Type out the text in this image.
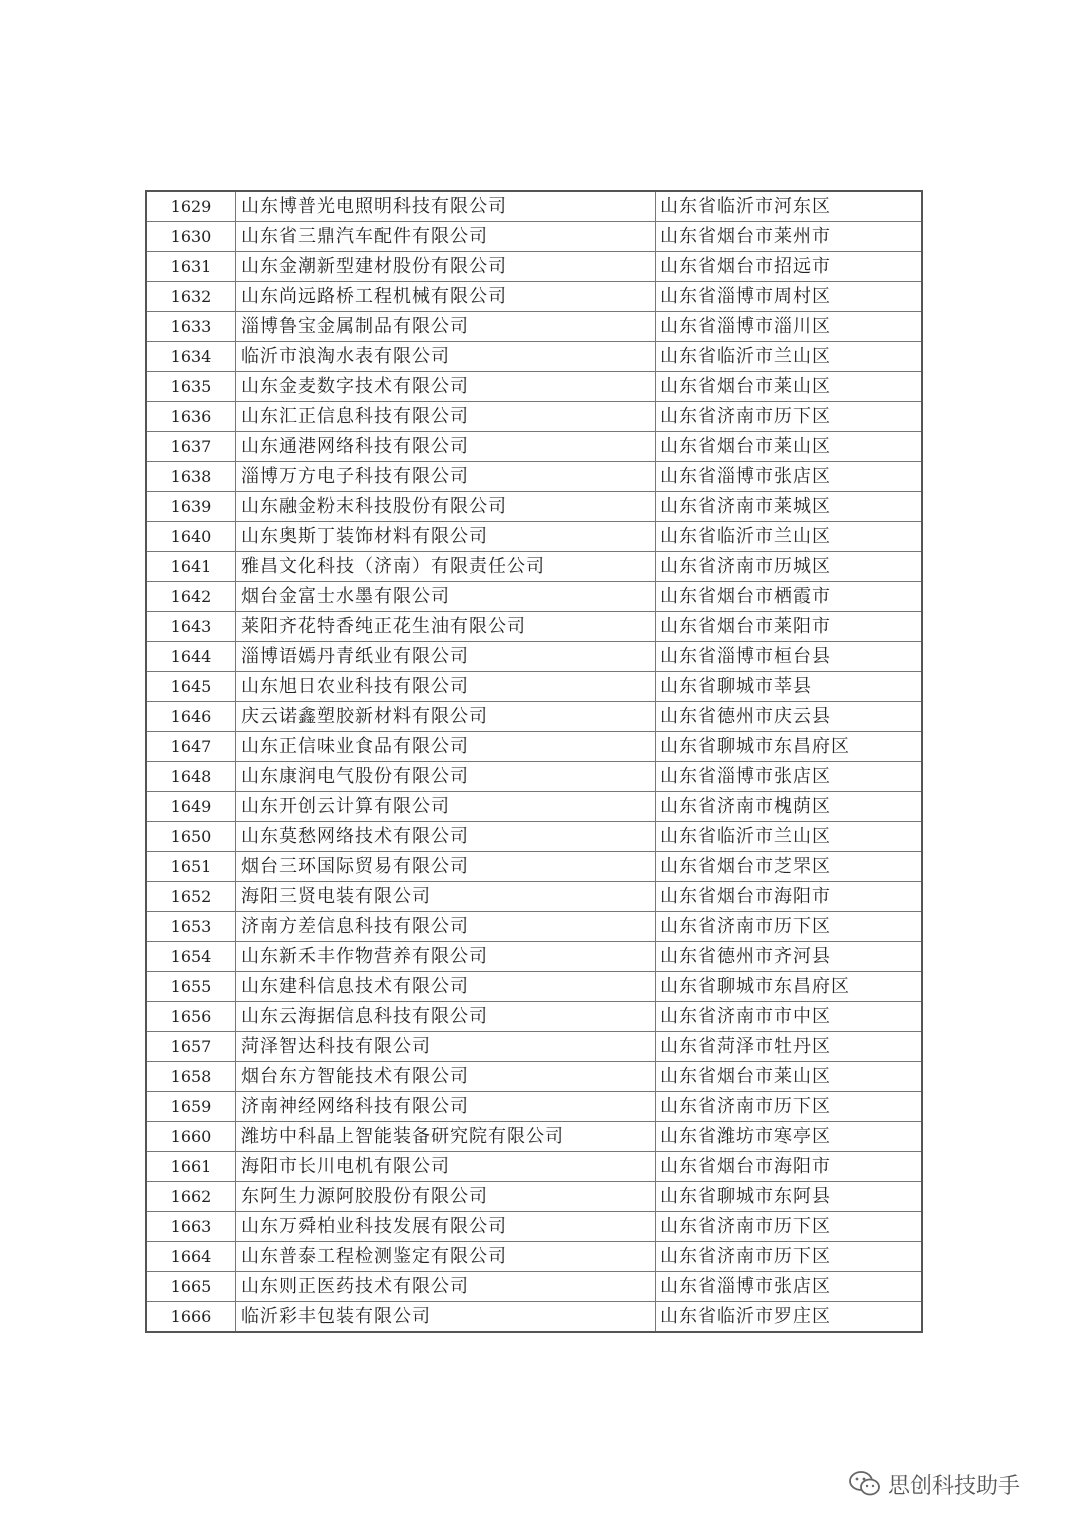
1629	山东博普光电照明科技有限公司	山东省临沂市河东区
1630	山东省三鼎汽车配件有限公司	山东省烟台市莱州市
1631	山东金潮新型建材股份有限公司	山东省烟台市招远市
1632	山东尚远路桥工程机械有限公司	山东省淄博市周村区
1633	淄博鲁宝金属制品有限公司	山东省淄博市淄川区
1634	临沂市浪淘水表有限公司	山东省临沂市兰山区
1635	山东金麦数字技术有限公司	山东省烟台市莱山区
1636	山东汇正信息科技有限公司	山东省济南市历下区
1637	山东通港网络科技有限公司	山东省烟台市莱山区
1638	淄博万方电子科技有限公司	山东省淄博市张店区
1639	山东融金粉末科技股份有限公司	山东省济南市莱城区
1640	山东奥斯丁装饰材料有限公司	山东省临沂市兰山区
1641	雅昌文化科技（济南）有限责任公司	山东省济南市历城区
1642	烟台金富士水墨有限公司	山东省烟台市栖霞市
1643	莱阳齐花特香纯正花生油有限公司	山东省烟台市莱阳市
1644	淄博语嫣丹青纸业有限公司	山东省淄博市桓台县
1645	山东旭日农业科技有限公司	山东省聊城市莘县
1646	庆云诺鑫塑胶新材料有限公司	山东省德州市庆云县
1647	山东正信味业食品有限公司	山东省聊城市东昌府区
1648	山东康润电气股份有限公司	山东省淄博市张店区
1649	山东开创云计算有限公司	山东省济南市槐荫区
1650	山东莫愁网络技术有限公司	山东省临沂市兰山区
1651	烟台三环国际贸易有限公司	山东省烟台市芝罘区
1652	海阳三贤电装有限公司	山东省烟台市海阳市
1653	济南方差信息科技有限公司	山东省济南市历下区
1654	山东新禾丰作物营养有限公司	山东省德州市齐河县
1655	山东建科信息技术有限公司	山东省聊城市东昌府区
1656	山东云海据信息科技有限公司	山东省济南市市中区
1657	菏泽智达科技有限公司	山东省菏泽市牡丹区
1658	烟台东方智能技术有限公司	山东省烟台市莱山区
1659	济南神经网络科技有限公司	山东省济南市历下区
1660	潍坊中科晶上智能装备研究院有限公司	山东省潍坊市寒亭区
1661	海阳市长川电机有限公司	山东省烟台市海阳市
1662	东阿生力源阿胶股份有限公司	山东省聊城市东阿县
1663	山东万舜柏业科技发展有限公司	山东省济南市历下区
1664	山东普泰工程检测鉴定有限公司	山东省济南市历下区
1665	山东则正医药技术有限公司	山东省淄博市张店区
1666	临沂彩丰包装有限公司	山东省临沂市罗庄区
思创科技助手
